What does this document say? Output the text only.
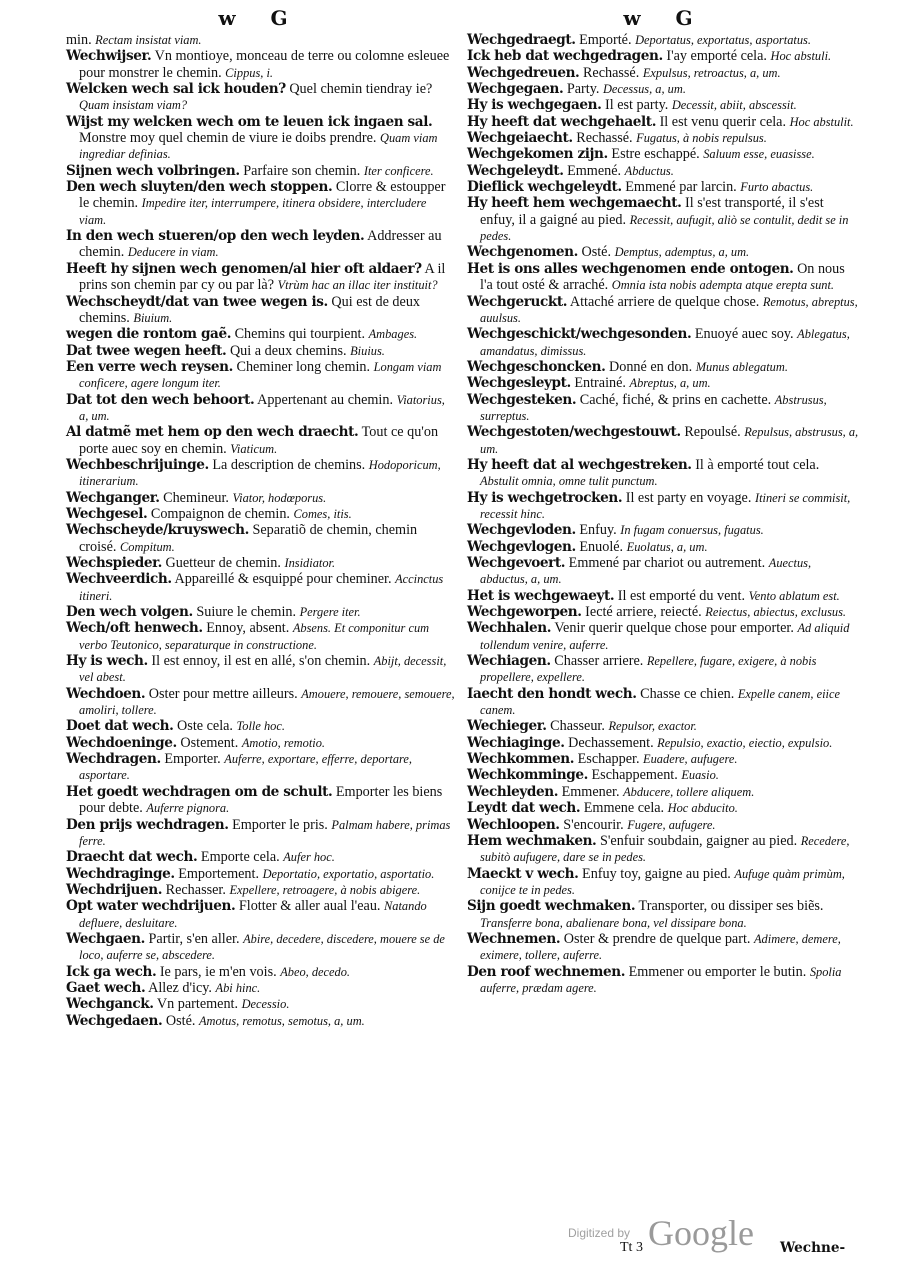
w G	w G

min. Rectam insistat viam.

Wechwijser. Vn montioye, monceau de terre ou colomne esleuee pour monstrer le chemin. Cippus, i.

Welcken wech sal ick houden? Quel chemin tiendray ie? Quam insistam viam?

Wijst my welcken wech om te leuen ick ingaen sal. Monstre moy quel chemin de viure ie doibs prendre. Quam viam ingrediar definias.

Sijnen wech volbringen. Parfaire son chemin. Iter conficere.

Den wech sluyten/den wech stoppen. Clorre & estoupper le chemin. Impedire iter, interrumpere, itinera obsidere, intercludere viam.

In den wech stueren/op den wech leyden. Addresser au chemin. Deducere in viam.

Heeft hy sijnen wech genomen/al hier oft aldaer? A il prins son chemin par cy ou par là? Vtrùm hac an illac iter instituit?

Wechscheydt/dat van twee wegen is. Qui est de deux chemins. Biuium.

wegen die rontom gaẽ. Chemins qui tourpient. Ambages.

Dat twee wegen heeft. Qui a deux chemins. Biuius.

Een verre wech reysen. Cheminer long chemin. Longam viam conficere, agere longum iter.

Dat tot den wech behoort. Appertenant au chemin. Viatorius, a, um.

Al datmẽ met hem op den wech draecht. Tout ce qu'on porte auec soy en chemin. Viaticum.

Wechbeschrijuinge. La description de chemins. Hodoporicum, itinerarium.

Wechganger. Chemineur. Viator, hodœporus.

Wechgesel. Compaignon de chemin. Comes, itis.

Wechscheyde/kruyswech. Separatiõ de chemin, chemin croisé. Compitum.

Wechspieder. Guetteur de chemin. Insidiator.

Wechveerdich. Appareillé & esquippé pour cheminer. Accinctus itineri.

Den wech volgen. Suiure le chemin. Pergere iter.

Wech/oft henwech. Ennoy, absent. Absens. Et componitur cum verbo Teutonico, separaturque in constructione.

Hy is wech. Il est ennoy, il est en allé, s'on chemin. Abijt, decessit, vel abest.

Wechdoen. Oster pour mettre ailleurs. Amouere, remouere, semouere, amoliri, tollere.

Doet dat wech. Oste cela. Tolle hoc.

Wechdoeninge. Ostement. Amotio, remotio.

Wechdragen. Emporter. Auferre, exportare, efferre, deportare, asportare.

Het goedt wechdragen om de schult. Emporter les biens pour debte. Auferre pignora.

Den prijs wechdragen. Emporter le pris. Palmam habere, primas ferre.

Draecht dat wech. Emporte cela. Aufer hoc.

Wechdraginge. Emportement. Deportatio, exportatio, asportatio.

Wechdrijuen. Rechasser. Expellere, retroagere, à nobis abigere.

Opt water wechdrijuen. Flotter & aller aual l'eau. Natando defluere, desluitare.

Wechgaen. Partir, s'en aller. Abire, decedere, discedere, mouere se de loco, auferre se, abscedere.

Ick ga wech. Ie pars, ie m'en vois. Abeo, decedo.

Gaet wech. Allez d'icy. Abi hinc.

Wechganck. Vn partement. Decessio.

Wechgedaen. Osté. Amotus, remotus, semotus, a, um.

Wechgedraegt. Emporté. Deportatus, exportatus, asportatus.

Ick heb dat wechgedragen. I'ay emporté cela. Hoc abstuli.

Wechgedreuen. Rechassé. Expulsus, retroactus, a, um.

Wechgegaen. Party. Decessus, a, um.

Hy is wechgegaen. Il est party. Decessit, abiit, abscessit.

Hy heeft dat wechgehaelt. Il est venu querir cela. Hoc abstulit.

Wechgeiaecht. Rechassé. Fugatus, à nobis repulsus.

Wechgekomen zijn. Estre eschappé. Saluum esse, euasisse.

Wechgeleydt. Emmené. Abductus.

Dieflick wechgeleydt. Emmené par larcin. Furto abactus.

Hy heeft hem wechgemaecht. Il s'est transporté, il s'est enfuy, il a gaigné au pied. Recessit, aufugit, aliò se contulit, dedit se in pedes.

Wechgenomen. Osté. Demptus, ademptus, a, um.

Het is ons alles wechgenomen ende ontogen. On nous l'a tout osté & arraché. Omnia ista nobis adempta atque erepta sunt.

Wechgeruckt. Attaché arriere de quelque chose. Remotus, abreptus, auulsus.

Wechgeschickt/wechgesonden. Enuoyé auec soy. Ablegatus, amandatus, dimissus.

Wechgeschoncken. Donné en don. Munus ablegatum.

Wechgesleypt. Entrainé. Abreptus, a, um.

Wechgesteken. Caché, fiché, & prins en cachette. Abstrusus, surreptus.

Wechgestoten/wechgestouwt. Repoulsé. Repulsus, abstrusus, a, um.

Hy heeft dat al wechgestreken. Il à emporté tout cela. Abstulit omnia, omne tulit punctum.

Hy is wechgetrocken. Il est party en voyage. Itineri se commisit, recessit hinc.

Wechgevloden. Enfuy. In fugam conuersus, fugatus.

Wechgevlogen. Enuolé. Euolatus, a, um.

Wechgevoert. Emmené par chariot ou autrement. Auectus, abductus, a, um.

Het is wechgewaeyt. Il est emporté du vent. Vento ablatum est.

Wechgeworpen. Iecté arriere, reiecté. Reiectus, abiectus, exclusus.

Wechhalen. Venir querir quelque chose pour emporter. Ad aliquid tollendum venire, auferre.

Wechiagen. Chasser arriere. Repellere, fugare, exigere, à nobis propellere, expellere.

Iaecht den hondt wech. Chasse ce chien. Expelle canem, eiice canem.

Wechieger. Chasseur. Repulsor, exactor.

Wechiaginge. Dechassement. Repulsio, exactio, eiectio, expulsio.

Wechkommen. Eschapper. Euadere, aufugere.

Wechkomminge. Eschappement. Euasio.

Wechleyden. Emmener. Abducere, tollere aliquem.

Leydt dat wech. Emmene cela. Hoc abducito.

Wechloopen. S'encourir. Fugere, aufugere.

Hem wechmaken. S'enfuir soubdain, gaigner au pied. Recedere, subitò aufugere, dare se in pedes.

Maeckt v wech. Enfuy toy, gaigne au pied. Aufuge quàm primùm, conijce te in pedes.

Sijn goedt wechmaken. Transporter, ou dissiper ses biẽs. Transferre bona, abalienare bona, vel dissipare bona.

Wechnemen. Oster & prendre de quelque part. Adimere, demere, eximere, tollere, auferre.

Den roof wechnemen. Emmener ou emporter le butin. Spolia auferre, prædam agere.

Tt 3	Wechne-
Digitized by Google
